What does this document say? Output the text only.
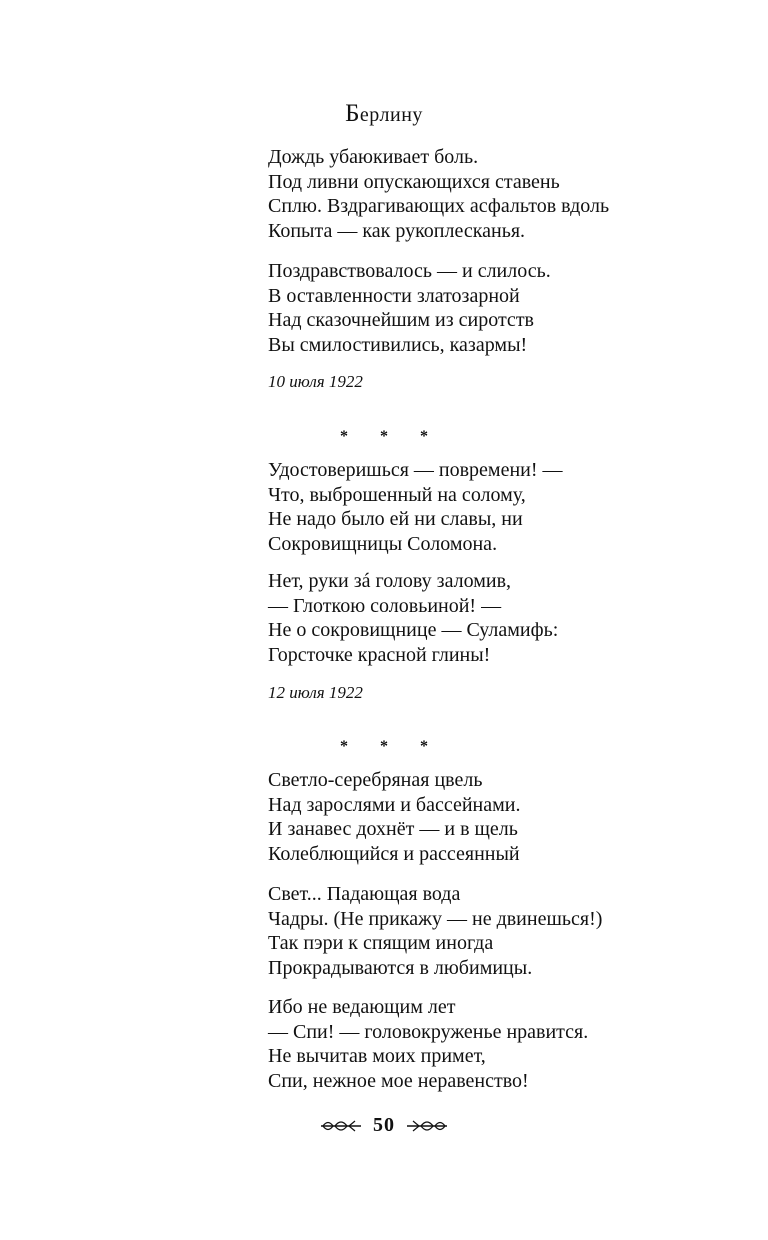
Берлину
Дождь убаюкивает боль.
Под ливни опускающихся ставень
Сплю. Вздрагивающих асфальтов вдоль
Копыта — как рукоплесканья.
Поздравствовалось — и слилось.
В оставленности златозарной
Над сказочнейшим из сиротств
Вы смилостивились, казармы!
10 июля 1922
* * *
Удостоверишься — повремени! —
Что, выброшенный на солому,
Не надо было ей ни славы, ни
Сокровищницы Соломона.
Нет, руки зá голову заломив,
— Глоткою соловьиной! —
Не о сокровищнице — Суламифь:
Горсточке красной глины!
12 июля 1922
* * *
Светло-серебряная цвель
Над зарослями и бассейнами.
И занавес дохнёт — и в щель
Колеблющийся и рассеянный
Свет... Падающая вода
Чадры. (Не прикажу — не двинешься!)
Так пэри к спящим иногда
Прокрадываются в любимицы.
Ибо не ведающим лет
— Спи! — головокруженье нравится.
Не вычитав моих примет,
Спи, нежное мое неравенство!
50
